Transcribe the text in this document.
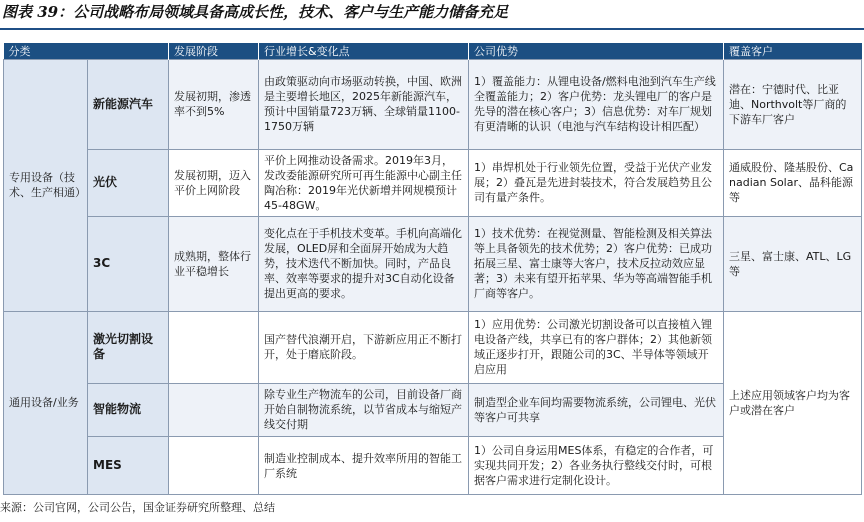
图表 39：公司战略布局领域具备高成长性，技术、客户与生产能力储备充足
分类		发展阶段	行业增长&变化点	公司优势	覆盖客户
专用设备（技术、生产相通）	新能源汽车	发展初期，渗透率不到5%	由政策驱动向市场驱动转换，中国、欧洲是主要增长地区，2025年新能源汽车，预计中国销量723万辆、全球销量1100-1750万辆	1）覆盖能力：从锂电设备/燃料电池到汽车生产线全覆盖能力；2）客户优势：龙头锂电厂的客户是先导的潜在核心客户；3）信息优势：对车厂规划有更清晰的认识（电池与汽车结构设计相匹配）	潜在：宁德时代、比亚迪、Northvolt等厂商的下游车厂客户
	光伏	发展初期，迈入平价上网阶段	平价上网推动设备需求。2019年3月，发改委能源研究所可再生能源中心副主任陶冶称：2019年光伏新增并网规模预计45-48GW。	1）串焊机处于行业领先位置，受益于光伏产业发展；2）叠瓦是先进封装技术，符合发展趋势且公司有量产条件。	通威股份、隆基股份、Canadian Solar、晶科能源等
	3C	成熟期，整体行业平稳增长	变化点在于手机技术变革。手机向高端化发展，OLED屏和全面屏开始成为大趋势，技术迭代不断加快。同时，产品良率、效率等要求的提升对3C自动化设备提出更高的要求。	1）技术优势：在视觉测量、智能检测及相关算法等上具备领先的技术优势；2）客户优势：已成功拓展三星、富士康等大客户，技术反拉动效应显著；3）未来有望开拓苹果、华为等高端智能手机厂商等客户。	三星、富士康、ATL、LG等
通用设备/业务	激光切割设备		国产替代浪潮开启，下游新应用正不断打开，处于磨底阶段。	1）应用优势：公司激光切割设备可以直接植入锂电设备产线，共享已有的客户群体；2）其他新领域正逐步打开，跟随公司的3C、半导体等领域开启应用	上述应用领域客户均为客户或潜在客户
	智能物流		除专业生产物流车的公司，目前设备厂商开始自制物流系统，以节省成本与缩短产线交付期	制造型企业车间均需要物流系统，公司锂电、光伏等客户可共享	
	MES		制造业控制成本、提升效率所用的智能工厂系统	1）公司自身运用MES体系，有稳定的合作者，可实现共同开发；2）各业务执行整线交付时，可根据客户需求进行定制化设计。	
来源：公司官网，公司公告，国金证券研究所整理、总结
